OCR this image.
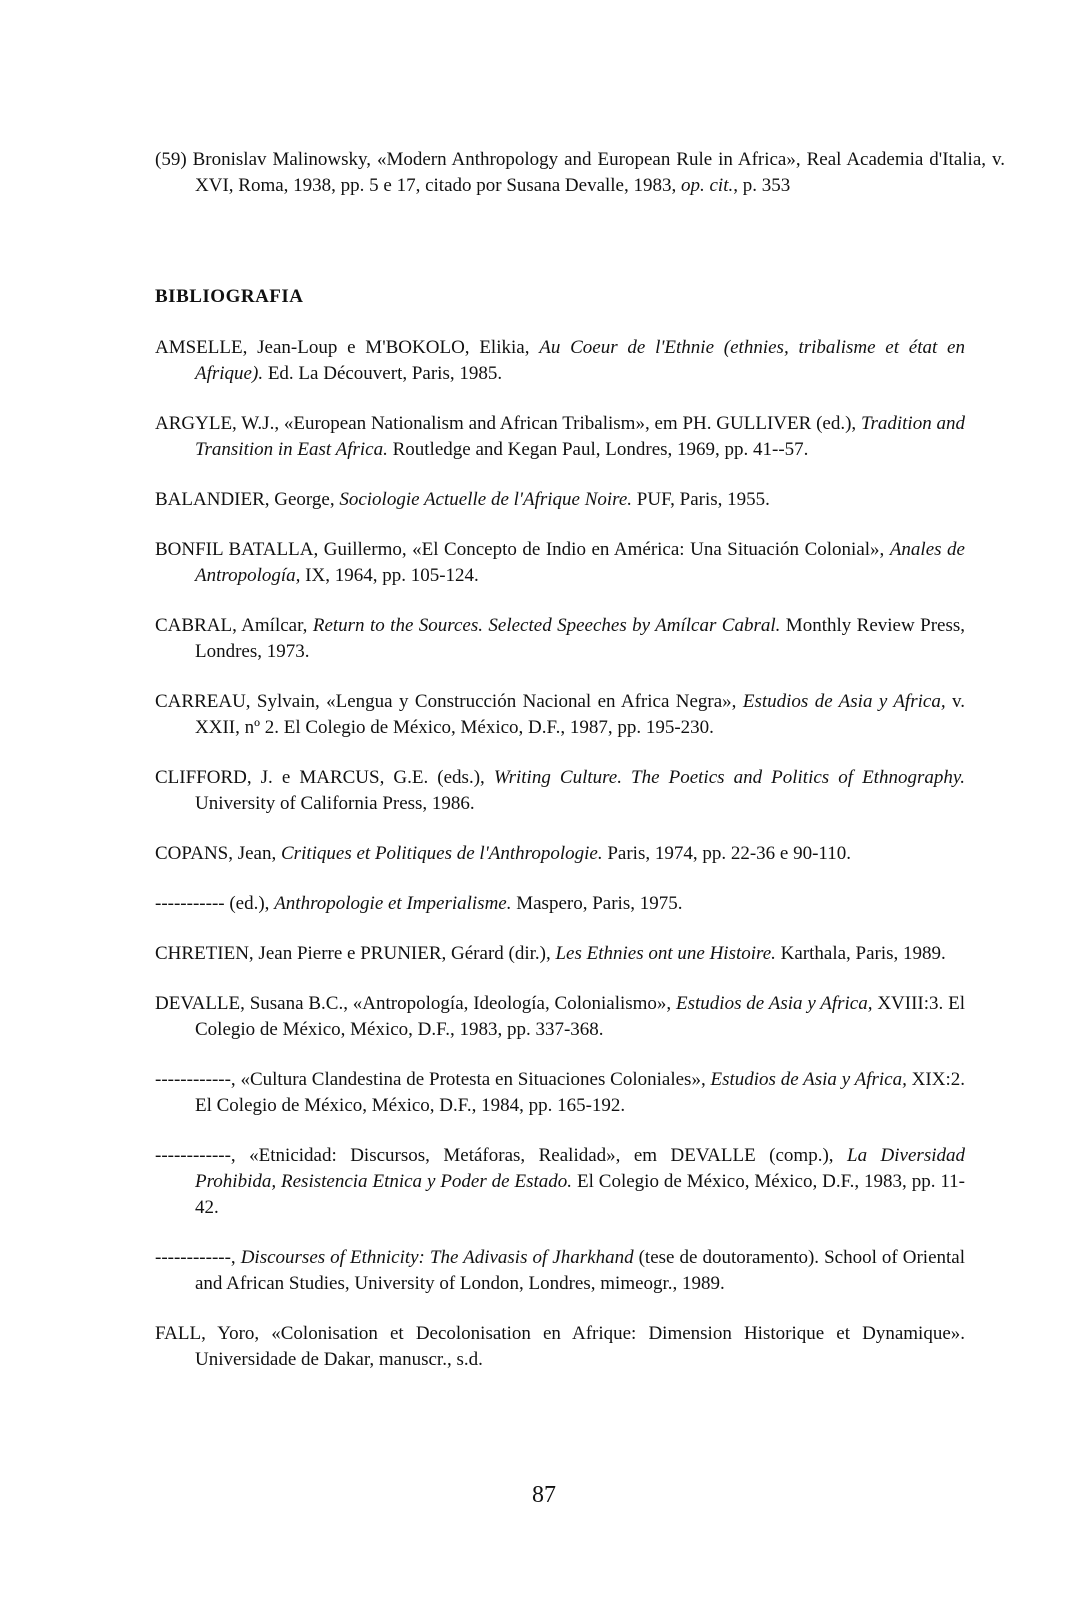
(59) Bronislav Malinowsky, «Modern Anthropology and European Rule in Africa», Real Academia d'Italia, v. XVI, Roma, 1938, pp. 5 e 17, citado por Susana Devalle, 1983, op. cit., p. 353

BIBLIOGRAFIA

AMSELLE, Jean-Loup e M'BOKOLO, Elikia, Au Coeur de l'Ethnie (ethnies, tribalisme et état en Afrique). Ed. La Découvert, Paris, 1985.

ARGYLE, W.J., «European Nationalism and African Tribalism», em PH. GULLIVER (ed.), Tradition and Transition in East Africa. Routledge and Kegan Paul, Londres, 1969, pp. 41--57.

BALANDIER, George, Sociologie Actuelle de l'Afrique Noire. PUF, Paris, 1955.

BONFIL BATALLA, Guillermo, «El Concepto de Indio en América: Una Situación Colonial», Anales de Antropología, IX, 1964, pp. 105-124.

CABRAL, Amílcar, Return to the Sources. Selected Speeches by Amílcar Cabral. Monthly Review Press, Londres, 1973.

CARREAU, Sylvain, «Lengua y Construcción Nacional en Africa Negra», Estudios de Asia y Africa, v. XXII, nº 2. El Colegio de México, México, D.F., 1987, pp. 195-230.

CLIFFORD, J. e MARCUS, G.E. (eds.), Writing Culture. The Poetics and Politics of Ethnography. University of California Press, 1986.

COPANS, Jean, Critiques et Politiques de l'Anthropologie. Paris, 1974, pp. 22-36 e 90-110.

----------- (ed.), Anthropologie et Imperialisme. Maspero, Paris, 1975.

CHRETIEN, Jean Pierre e PRUNIER, Gérard (dir.), Les Ethnies ont une Histoire. Karthala, Paris, 1989.

DEVALLE, Susana B.C., «Antropología, Ideología, Colonialismo», Estudios de Asia y Africa, XVIII:3. El Colegio de México, México, D.F., 1983, pp. 337-368.

------------, «Cultura Clandestina de Protesta en Situaciones Coloniales», Estudios de Asia y Africa, XIX:2. El Colegio de México, México, D.F., 1984, pp. 165-192.

------------, «Etnicidad: Discursos, Metáforas, Realidad», em DEVALLE (comp.), La Diversidad Prohibida, Resistencia Etnica y Poder de Estado. El Colegio de México, México, D.F., 1983, pp. 11-42.

------------, Discourses of Ethnicity: The Adivasis of Jharkhand (tese de doutoramento). School of Oriental and African Studies, University of London, Londres, mimeogr., 1989.

FALL, Yoro, «Colonisation et Decolonisation en Afrique: Dimension Historique et Dynamique». Universidade de Dakar, manuscr., s.d.

87
